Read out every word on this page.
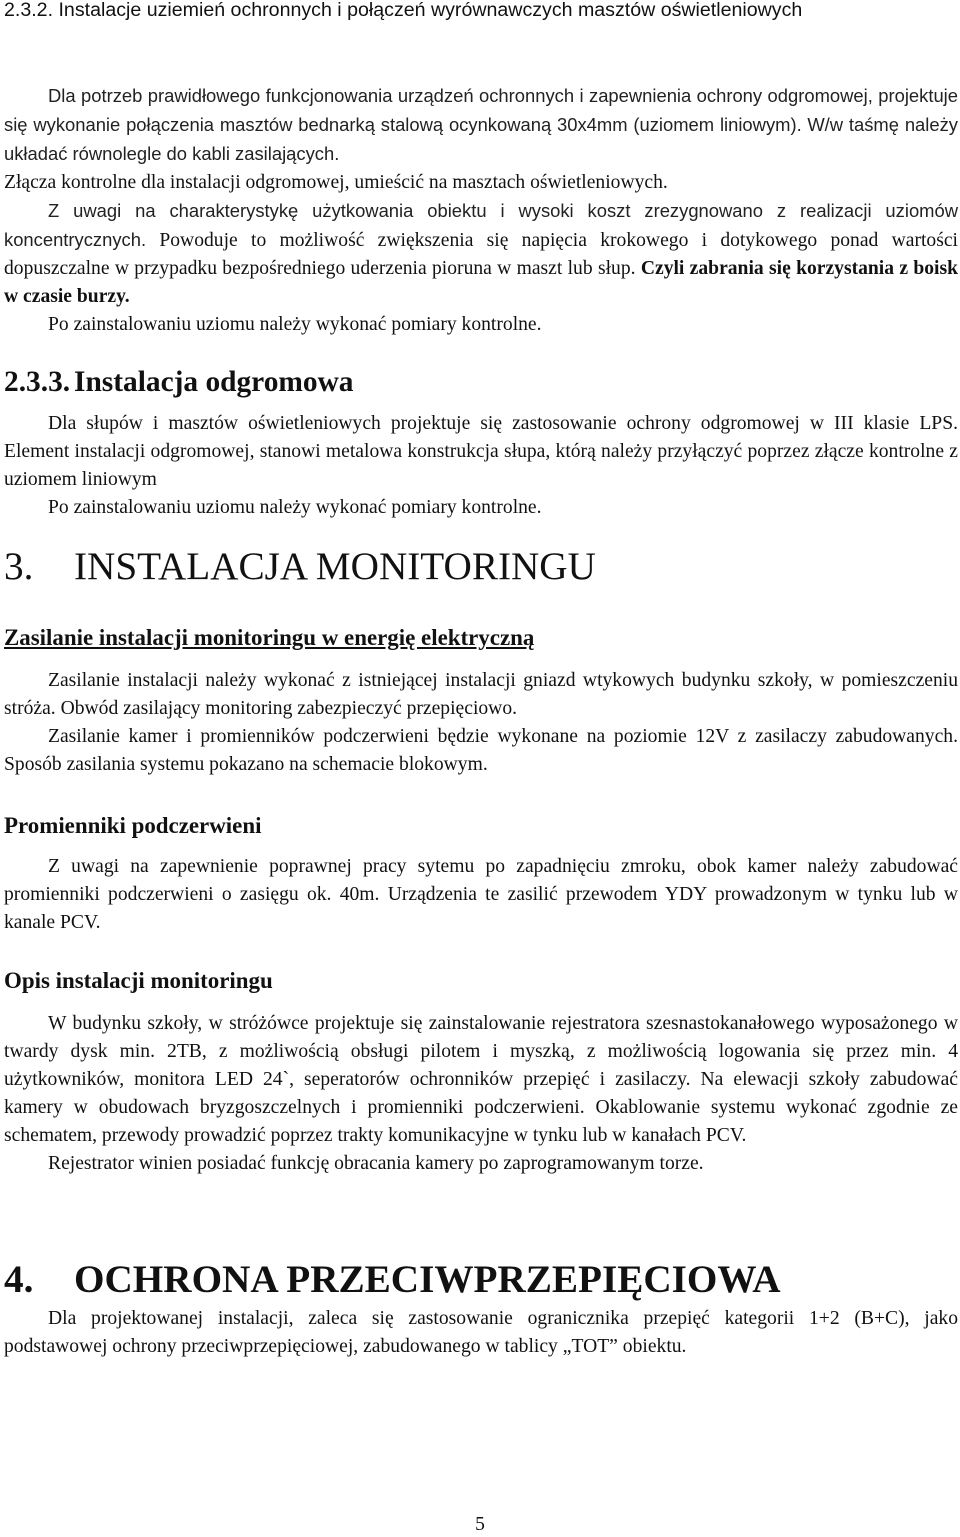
2.3.2. Instalacje uziemień ochronnych i połączeń wyrównawczych masztów oświetleniowych

Dla potrzeb prawidłowego funkcjonowania urządzeń ochronnych i zapewnienia ochrony odgromowej, projektuje się wykonanie połączenia masztów bednarką stalową ocynkowaną 30x4mm (uziomem liniowym). W/w taśmę należy układać równolegle do kabli zasilających.

Złącza kontrolne dla instalacji odgromowej, umieścić na masztach oświetleniowych.

Z uwagi na charakterystykę użytkowania obiektu i wysoki koszt zrezygnowano z realizacji uziomów koncentrycznych. Powoduje to możliwość zwiększenia się napięcia krokowego i dotykowego ponad wartości dopuszczalne w przypadku bezpośredniego uderzenia pioruna w maszt lub słup. Czyli zabrania się korzystania z boisk w czasie burzy.

Po zainstalowaniu uziomu należy wykonać pomiary kontrolne.

2.3.3. Instalacja odgromowa

Dla słupów i masztów oświetleniowych projektuje się zastosowanie ochrony odgromowej w III klasie LPS. Element instalacji odgromowej, stanowi metalowa konstrukcja słupa, którą należy przyłączyć poprzez złącze kontrolne z uziomem liniowym

Po zainstalowaniu uziomu należy wykonać pomiary kontrolne.

3. INSTALACJA MONITORINGU
Zasilanie instalacji monitoringu w energię elektryczną

Zasilanie instalacji należy wykonać z istniejącej instalacji gniazd wtykowych budynku szkoły, w pomieszczeniu stróża. Obwód zasilający monitoring zabezpieczyć przepięciowo.

Zasilanie kamer i promienników podczerwieni będzie wykonane na poziomie 12V z zasilaczy zabudowanych. Sposób zasilania systemu pokazano na schemacie blokowym.

Promienniki podczerwieni

Z uwagi na zapewnienie poprawnej pracy sytemu po zapadnięciu zmroku, obok kamer należy zabudować promienniki podczerwieni o zasięgu ok. 40m. Urządzenia te zasilić przewodem YDY prowadzonym w tynku lub w kanale PCV.

Opis instalacji monitoringu

W budynku szkoły, w stróżówce projektuje się zainstalowanie rejestratora szesnastokanałowego wyposażonego w twardy dysk min. 2TB, z możliwością obsługi pilotem i myszką, z możliwością logowania się przez min. 4 użytkowników, monitora LED 24`, seperatorów ochronników przepięć i zasilaczy. Na elewacji szkoły zabudować kamery w obudowach bryzgoszczelnych i promienniki podczerwieni. Okablowanie systemu wykonać zgodnie ze schematem, przewody prowadzić poprzez trakty komunikacyjne w tynku lub w kanałach PCV.

Rejestrator winien posiadać funkcję obracania kamery po zaprogramowanym torze.

4. OCHRONA PRZECIWPRZEPIĘCIOWA

Dla projektowanej instalacji, zaleca się zastosowanie ogranicznika przepięć kategorii 1+2 (B+C), jako podstawowej ochrony przeciwprzepięciowej, zabudowanego w tablicy „TOT” obiektu.

5
